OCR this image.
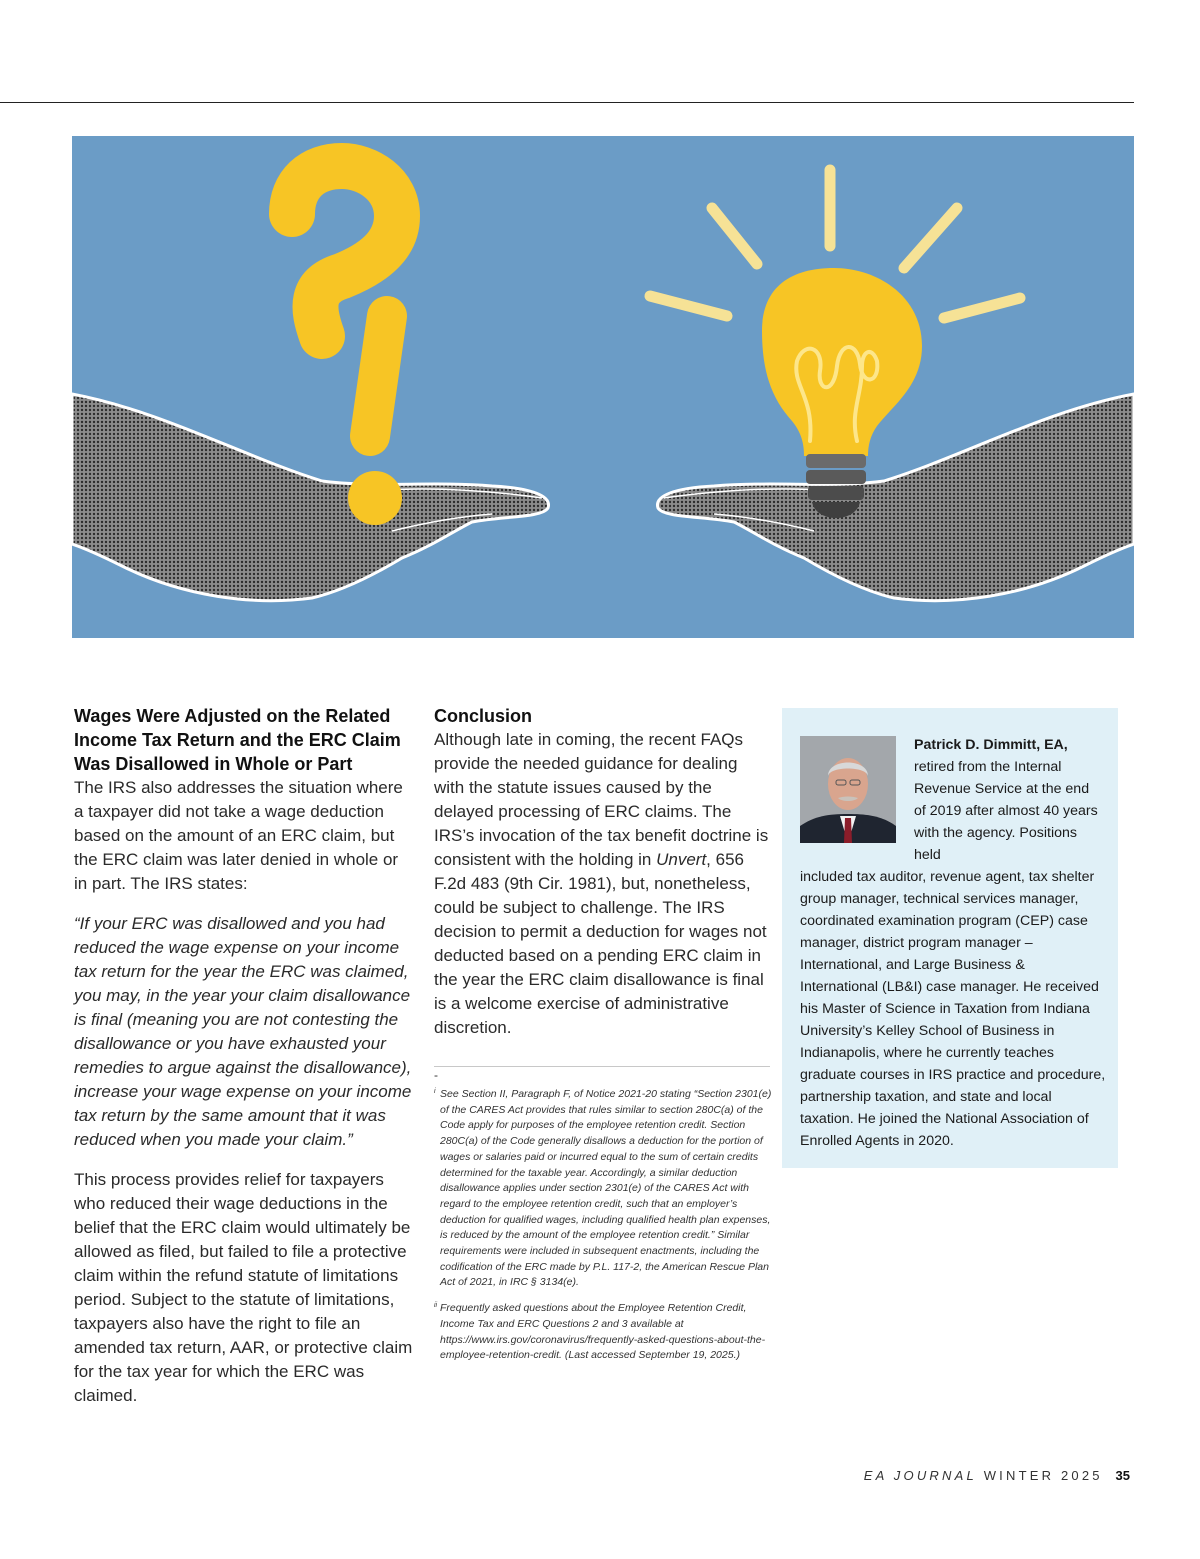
Wages Were Adjusted on the Related Income Tax Return and the ERC Claim Was Disallowed in Whole or Part

The IRS also addresses the situation where a taxpayer did not take a wage deduction based on the amount of an ERC claim, but the ERC claim was later denied in whole or in part. The IRS states:

“If your ERC was disallowed and you had reduced the wage expense on your income tax return for the year the ERC was claimed, you may, in the year your claim disallowance is final (meaning you are not contesting the disallowance or you have exhausted your remedies to argue against the disallowance), increase your wage expense on your income tax return by the same amount that it was reduced when you made your claim.”

This process provides relief for taxpayers who reduced their wage deductions in the belief that the ERC claim would ultimately be allowed as filed, but failed to file a protective claim within the refund statute of limitations period. Subject to the statute of limitations, taxpayers also have the right to file an amended tax return, AAR, or protective claim for the tax year for which the ERC was claimed.

Conclusion

Although late in coming, the recent FAQs provide the needed guidance for dealing with the statute issues caused by the delayed processing of ERC claims. The IRS’s invocation of the tax benefit doctrine is consistent with the holding in Unvert, 656 F.2d 483 (9th Cir. 1981), but, nonetheless, could be subject to challenge. The IRS decision to permit a deduction for wages not deducted based on a pending ERC claim in the year the ERC claim disallowance is final is a welcome exercise of administrative discretion.

-
i See Section II, Paragraph F, of Notice 2021-20 stating “Section 2301(e) of the CARES Act provides that rules similar to section 280C(a) of the Code apply for purposes of the employee retention credit. Section 280C(a) of the Code generally disallows a deduction for the portion of wages or salaries paid or incurred equal to the sum of certain credits determined for the taxable year. Accordingly, a similar deduction disallowance applies under section 2301(e) of the CARES Act with regard to the employee retention credit, such that an employer’s deduction for qualified wages, including qualified health plan expenses, is reduced by the amount of the employee retention credit.” Similar requirements were included in subsequent enactments, including the codification of the ERC made by P.L. 117-2, the American Rescue Plan Act of 2021, in IRC § 3134(e).
ii Frequently asked questions about the Employee Retention Credit, Income Tax and ERC Questions 2 and 3 available at https://www.irs.gov/coronavirus/frequently-asked-questions-about-the-employee-retention-credit. (Last accessed September 19, 2025.)
Patrick D. Dimmitt, EA,
retired from the Internal Revenue Service at the end of 2019 after almost 40 years with the agency. Positions held
included tax auditor, revenue agent, tax shelter group manager, technical services manager, coordinated examination program (CEP) case manager, district program manager – International, and Large Business & International (LB&I) case manager. He received his Master of Science in Taxation from Indiana University’s Kelley School of Business in Indianapolis, where he currently teaches graduate courses in IRS practice and procedure, partnership taxation, and state and local taxation. He joined the National Association of Enrolled Agents in 2020.
EA JOURNAL WINTER 2025 35
